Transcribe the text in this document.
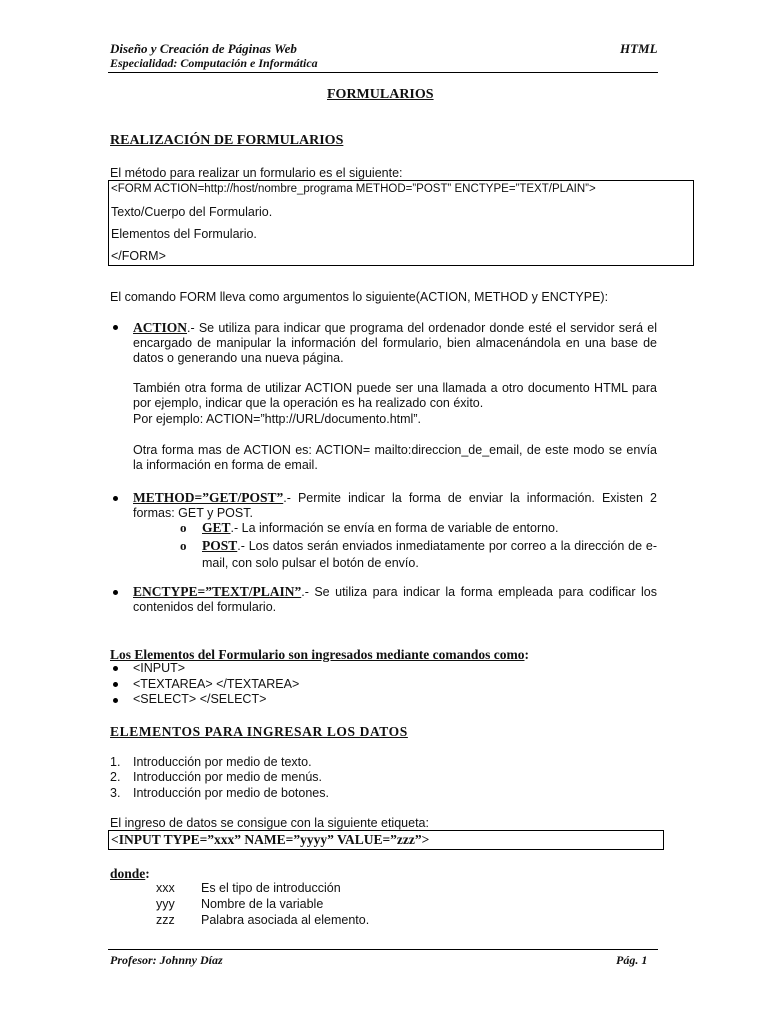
Diseño y Creación de Páginas Web	HTML
Especialidad: Computación e Informática
FORMULARIOS
REALIZACIÓN DE FORMULARIOS
El método para realizar un formulario es el siguiente:
<FORM ACTION=http://host/nombre_programa METHOD=”POST” ENCTYPE=”TEXT/PLAIN”>
Texto/Cuerpo del Formulario.
Elementos del Formulario.
</FORM>
El comando FORM lleva como argumentos lo siguiente(ACTION, METHOD y ENCTYPE):
ACTION.- Se utiliza para indicar que programa del ordenador donde esté el servidor será el encargado de manipular la información del formulario, bien almacenándola en una base de datos o generando una nueva página.
También otra forma de utilizar ACTION puede ser una llamada a otro documento HTML para por ejemplo, indicar que la operación es ha realizado con éxito.
Por ejemplo: ACTION=”http://URL/documento.html”.
Otra forma mas de ACTION es: ACTION= mailto:direccion_de_email, de este modo se envía la información en forma de email.
METHOD=”GET/POST”.- Permite indicar la forma de enviar la información. Existen 2 formas: GET y POST.
o GET.- La información se envía en forma de variable de entorno.
o POST.- Los datos serán enviados inmediatamente por correo a la dirección de e-mail, con solo pulsar el botón de envío.
ENCTYPE=”TEXT/PLAIN”.- Se utiliza para indicar la forma empleada para codificar los contenidos del formulario.
Los Elementos del Formulario son ingresados mediante comandos como:
<INPUT>
<TEXTAREA> </TEXTAREA>
<SELECT> </SELECT>
ELEMENTOS PARA INGRESAR LOS DATOS
1. Introducción por medio de texto.
2. Introducción por medio de menús.
3. Introducción por medio de botones.
El ingreso de datos se consigue con la siguiente etiqueta:
<INPUT TYPE=”xxx” NAME=”yyyy” VALUE=”zzz”>
donde:
xxx Es el tipo de introducción
yyy Nombre de la variable
zzz Palabra asociada al elemento.
Profesor: Johnny Díaz	Pág. 1
